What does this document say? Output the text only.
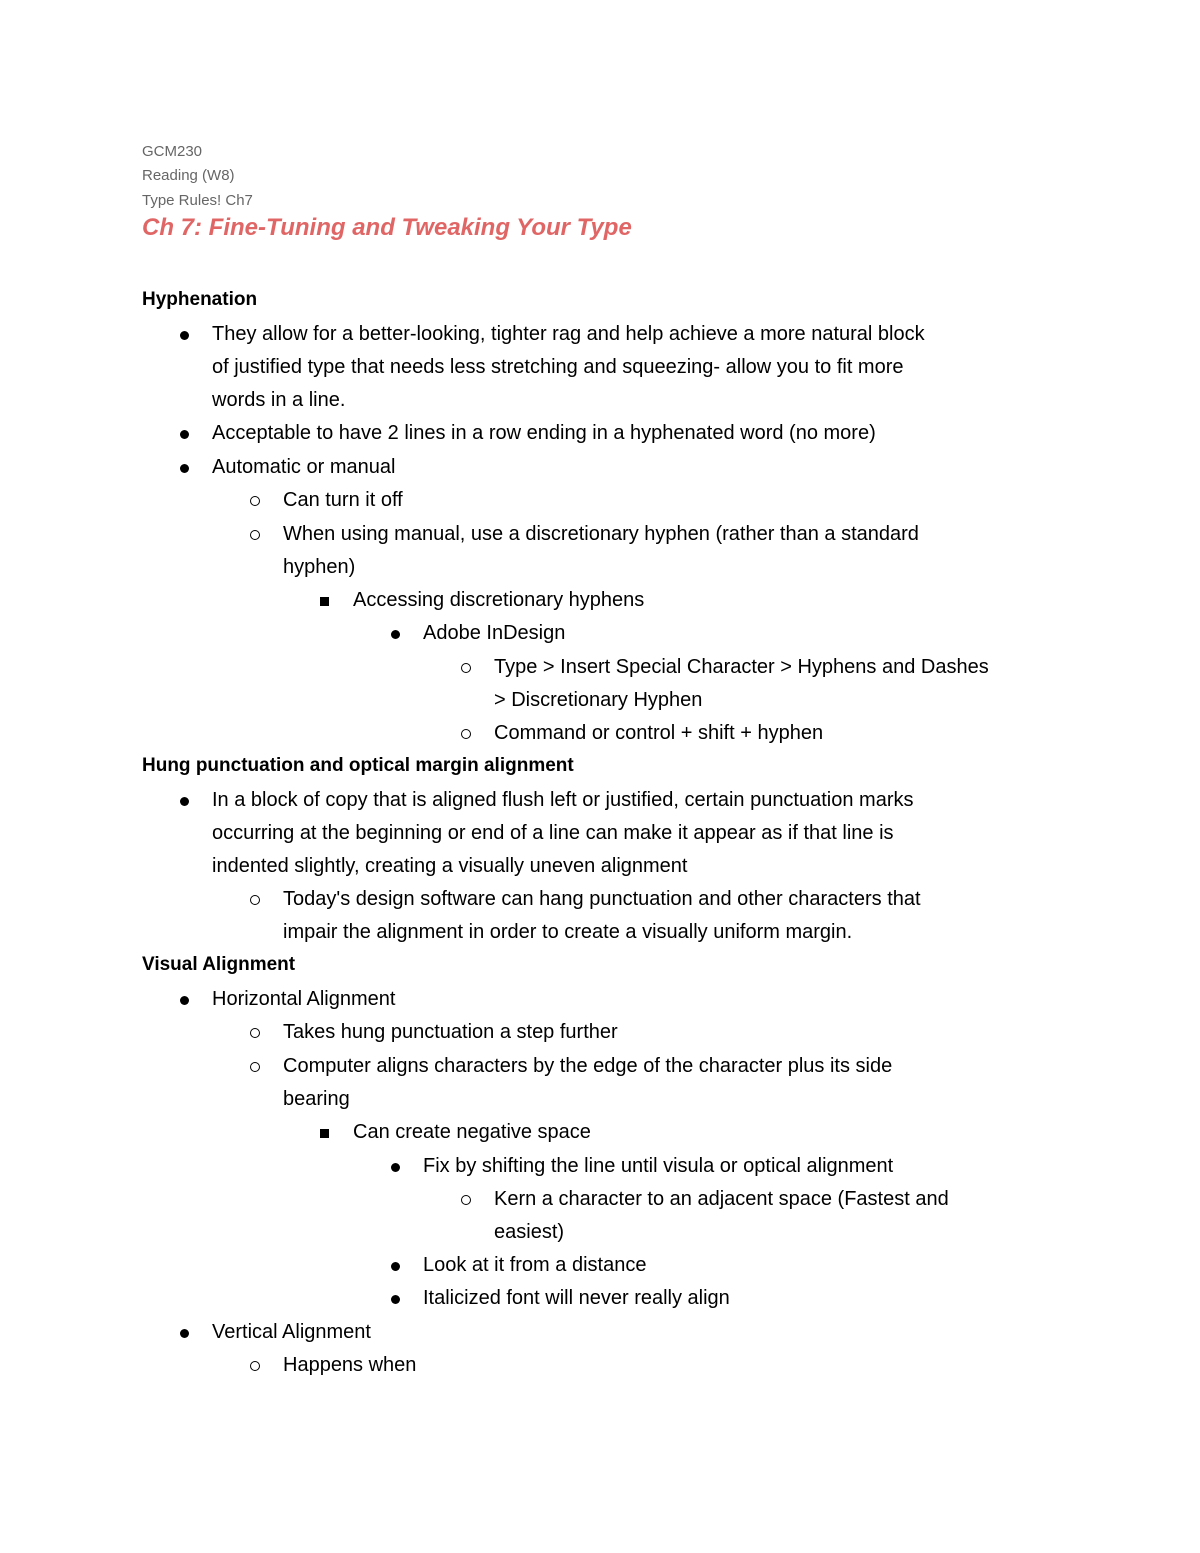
GCM230
Reading (W8)
Type Rules! Ch7
Ch 7: Fine-Tuning and Tweaking Your Type
Hyphenation
They allow for a better-looking, tighter rag and help achieve a more natural block
of justified type that needs less stretching and squeezing- allow you to fit more
words in a line.
Acceptable to have 2 lines in a row ending in a hyphenated word (no more)
Automatic or manual
Can turn it off
When using manual, use a discretionary hyphen (rather than a standard
hyphen)
Accessing discretionary hyphens
Adobe InDesign
Type > Insert Special Character > Hyphens and Dashes
> Discretionary Hyphen
Command or control + shift + hyphen
Hung punctuation and optical margin alignment
In a block of copy that is aligned flush left or justified, certain punctuation marks
occurring at the beginning or end of a line can make it appear as if that line is
indented slightly, creating a visually uneven alignment
Today's design software can hang punctuation and other characters that
impair the alignment in order to create a visually uniform margin.
Visual Alignment
Horizontal Alignment
Takes hung punctuation a step further
Computer aligns characters by the edge of the character plus its side
bearing
Can create negative space
Fix by shifting the line until visula or optical alignment
Kern a character to an adjacent space (Fastest and
easiest)
Look at it from a distance
Italicized font will never really align
Vertical Alignment
Happens when
